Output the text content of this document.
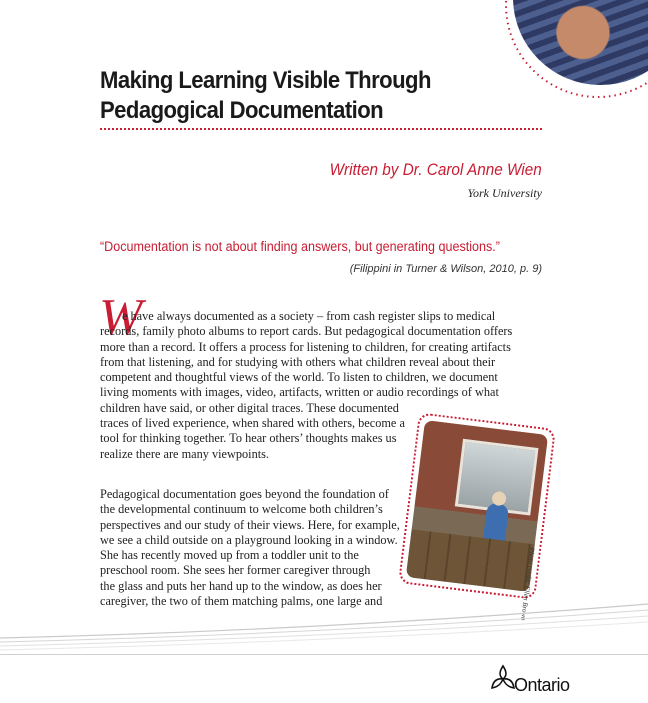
Making Learning Visible Through
Pedagogical Documentation
Written by Dr. Carol Anne Wien
York University
“Documentation is not about finding answers, but generating questions.”
(Filippini in Turner & Wilson, 2010, p. 9)
W
e have always documented as a society – from cash register slips to medical
records, family photo albums to report cards. But pedagogical documentation offers
more than a record. It offers a process for listening to children, for creating artifacts
from that listening, and for studying with others what children reveal about their
competent and thoughtful views of the world. To listen to children, we document
living moments with images, video, artifacts, written or audio recordings of what
children have said, or other digital traces. These documented
traces of lived experience, when shared with others, become a
tool for thinking together. To hear others’ thoughts makes us
realize there are many viewpoints.
Pedagogical documentation goes beyond the foundation of
the developmental continuum to welcome both children’s
perspectives and our study of their views. Here, for example,
we see a child outside on a playground looking in a window.
She has recently moved up from a toddler unit to the
preschool room. She sees her former caregiver through
the glass and puts her hand up to the window, as does her
caregiver, the two of them matching palms, one large and	Photo credit: Ellen Brown
Ontario
